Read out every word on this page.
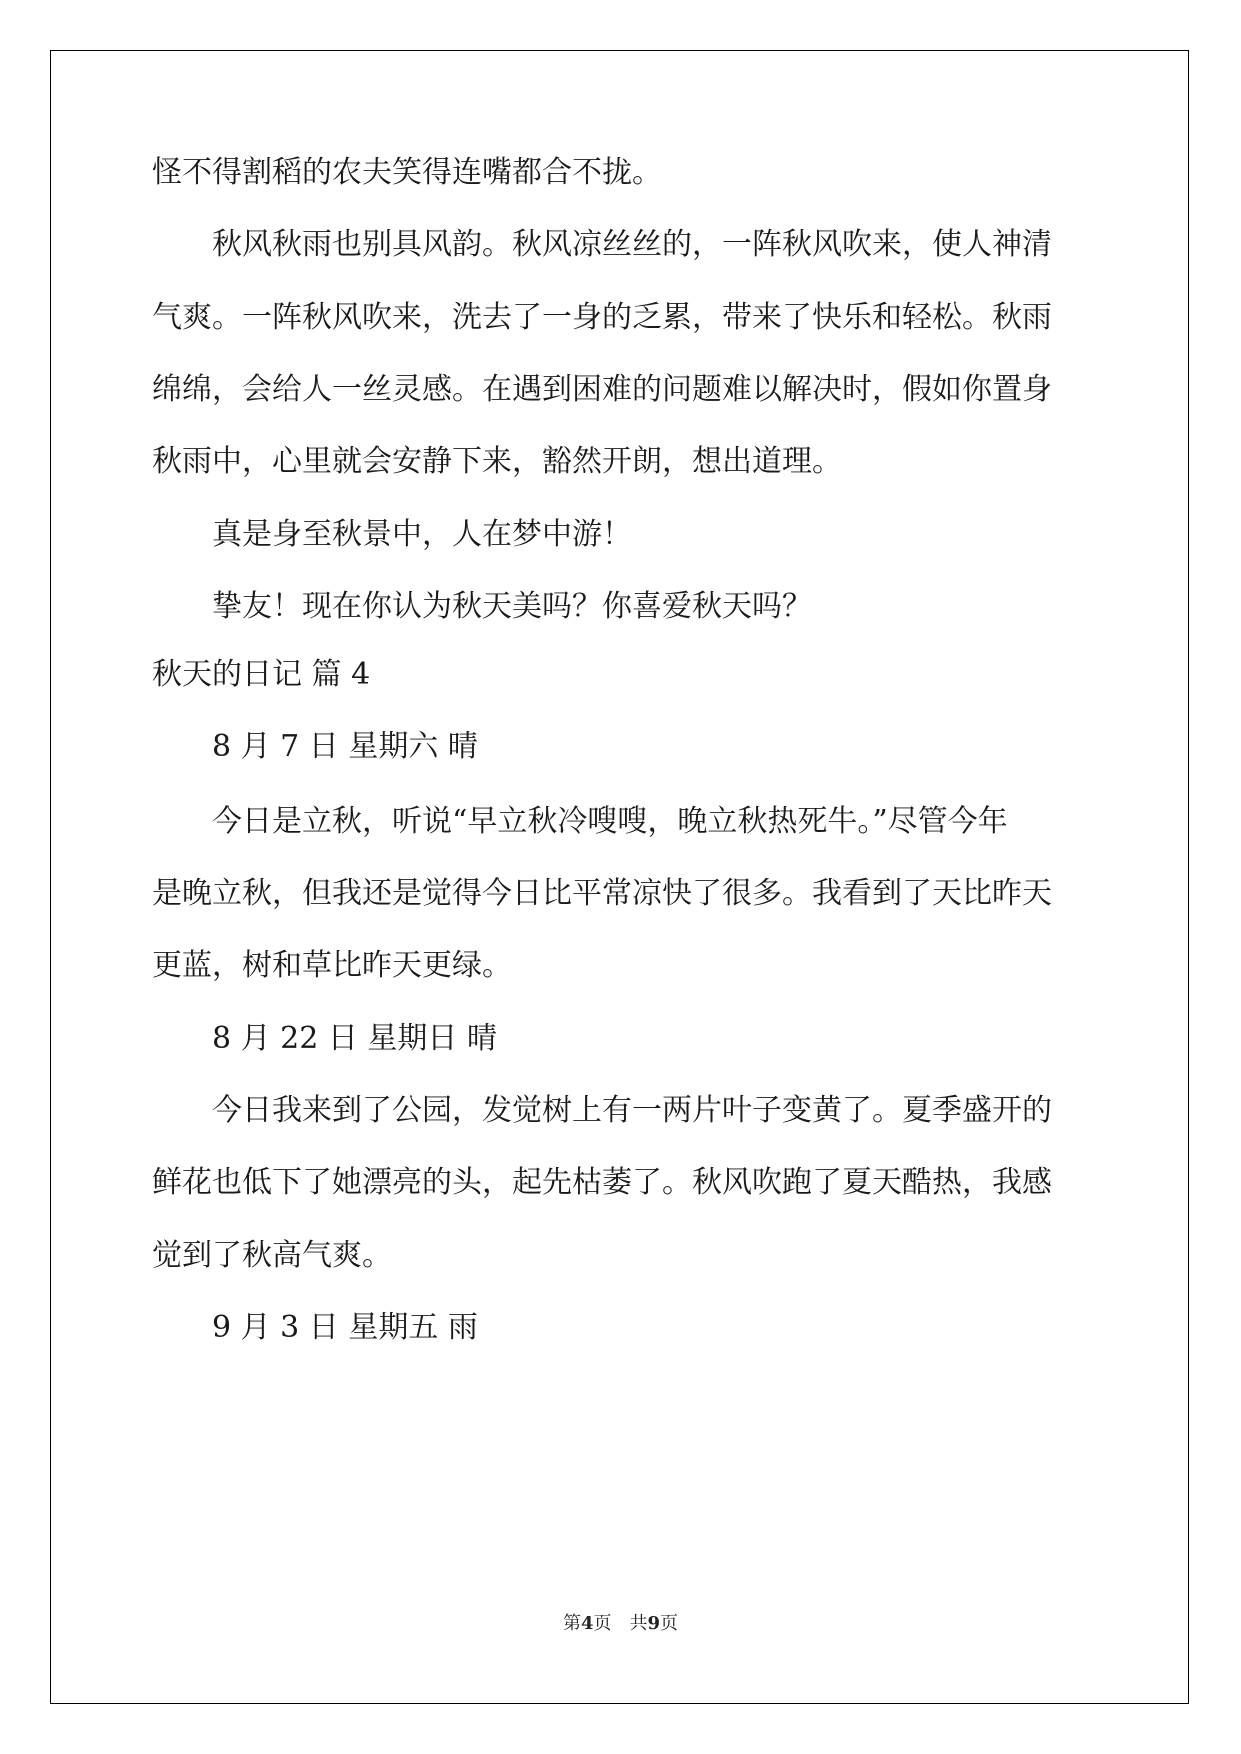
怪不得割稻的农夫笑得连嘴都合不拢。
秋风秋雨也别具风韵。秋风凉丝丝的，一阵秋风吹来，使人神清
气爽。一阵秋风吹来，洗去了一身的乏累，带来了快乐和轻松。秋雨
绵绵，会给人一丝灵感。在遇到困难的问题难以解决时，假如你置身
秋雨中，心里就会安静下来，豁然开朗，想出道理。
真是身至秋景中，人在梦中游！
挚友！现在你认为秋天美吗？你喜爱秋天吗？
秋天的日记 篇 4
8 月 7 日 星期六 晴
今日是立秋，听说“早立秋冷嗖嗖，晚立秋热死牛。”尽管今年
是晚立秋，但我还是觉得今日比平常凉快了很多。我看到了天比昨天
更蓝，树和草比昨天更绿。
8 月 22 日 星期日 晴
今日我来到了公园，发觉树上有一两片叶子变黄了。夏季盛开的
鲜花也低下了她漂亮的头，起先枯萎了。秋风吹跑了夏天酷热，我感
觉到了秋高气爽。
9 月 3 日 星期五 雨
第4页 共9页
